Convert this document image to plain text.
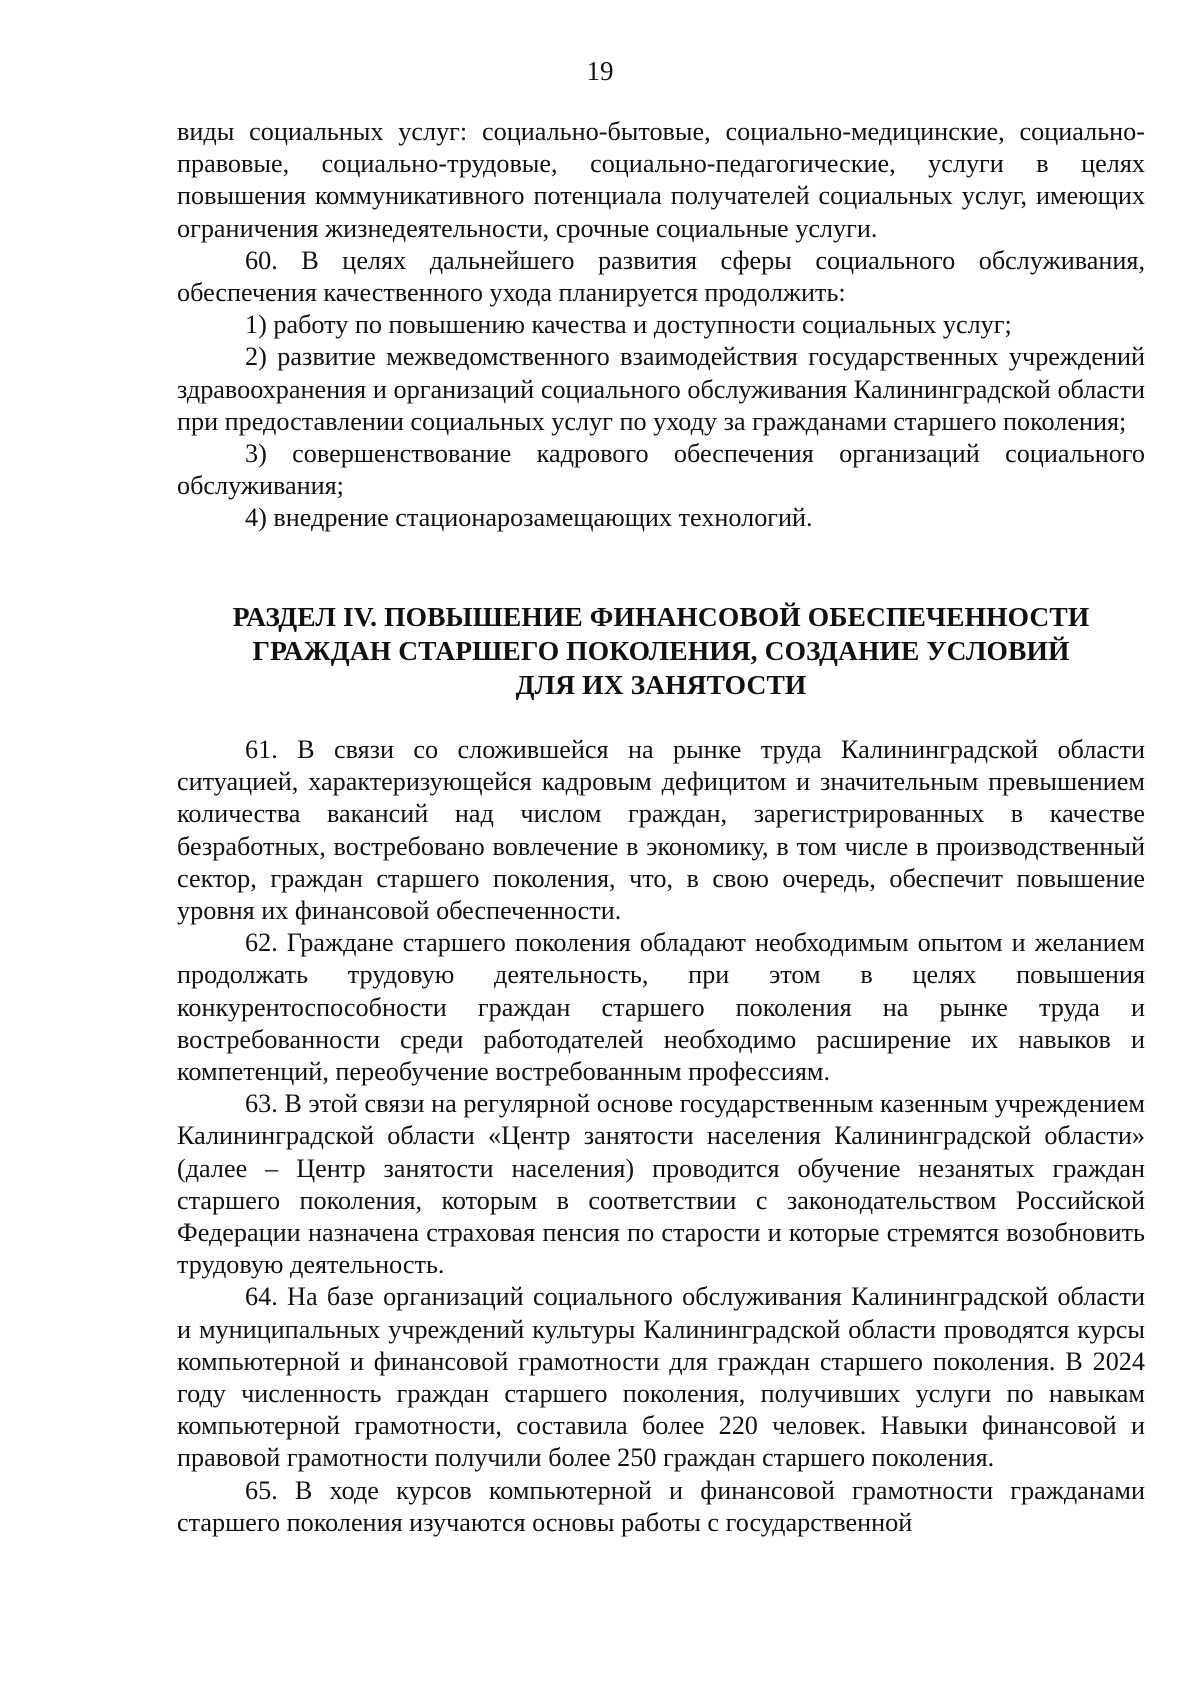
19

виды социальных услуг: социально-бытовые, социально-медицинские, социально-правовые, социально-трудовые, социально-педагогические, услуги в целях повышения коммуникативного потенциала получателей социальных услуг, имеющих ограничения жизнедеятельности, срочные социальные услуги.

60. В целях дальнейшего развития сферы социального обслуживания, обеспечения качественного ухода планируется продолжить:

1) работу по повышению качества и доступности социальных услуг;

2) развитие межведомственного взаимодействия государственных учреждений здравоохранения и организаций социального обслуживания Калининградской области при предоставлении социальных услуг по уходу за гражданами старшего поколения;

3) совершенствование кадрового обеспечения организаций социального обслуживания;

4) внедрение стационарозамещающих технологий.

РАЗДЕЛ IV. ПОВЫШЕНИЕ ФИНАНСОВОЙ ОБЕСПЕЧЕННОСТИ
ГРАЖДАН СТАРШЕГО ПОКОЛЕНИЯ, СОЗДАНИЕ УСЛОВИЙ
ДЛЯ ИХ ЗАНЯТОСТИ

61. В связи со сложившейся на рынке труда Калининградской области ситуацией, характеризующейся кадровым дефицитом и значительным превышением количества вакансий над числом граждан, зарегистрированных в качестве безработных, востребовано вовлечение в экономику, в том числе в производственный сектор, граждан старшего поколения, что, в свою очередь, обеспечит повышение уровня их финансовой обеспеченности.

62. Граждане старшего поколения обладают необходимым опытом и желанием продолжать трудовую деятельность, при этом в целях повышения конкурентоспособности граждан старшего поколения на рынке труда и востребованности среди работодателей необходимо расширение их навыков и компетенций, переобучение востребованным профессиям.

63. В этой связи на регулярной основе государственным казенным учреждением Калининградской области «Центр занятости населения Калининградской области» (далее – Центр занятости населения) проводится обучение незанятых граждан старшего поколения, которым в соответствии с законодательством Российской Федерации назначена страховая пенсия по старости и которые стремятся возобновить трудовую деятельность.

64. На базе организаций социального обслуживания Калининградской области и муниципальных учреждений культуры Калининградской области проводятся курсы компьютерной и финансовой грамотности для граждан старшего поколения. В 2024 году численность граждан старшего поколения, получивших услуги по навыкам компьютерной грамотности, составила более 220 человек. Навыки финансовой и правовой грамотности получили более 250 граждан старшего поколения.

65. В ходе курсов компьютерной и финансовой грамотности гражданами старшего поколения изучаются основы работы с государственной
